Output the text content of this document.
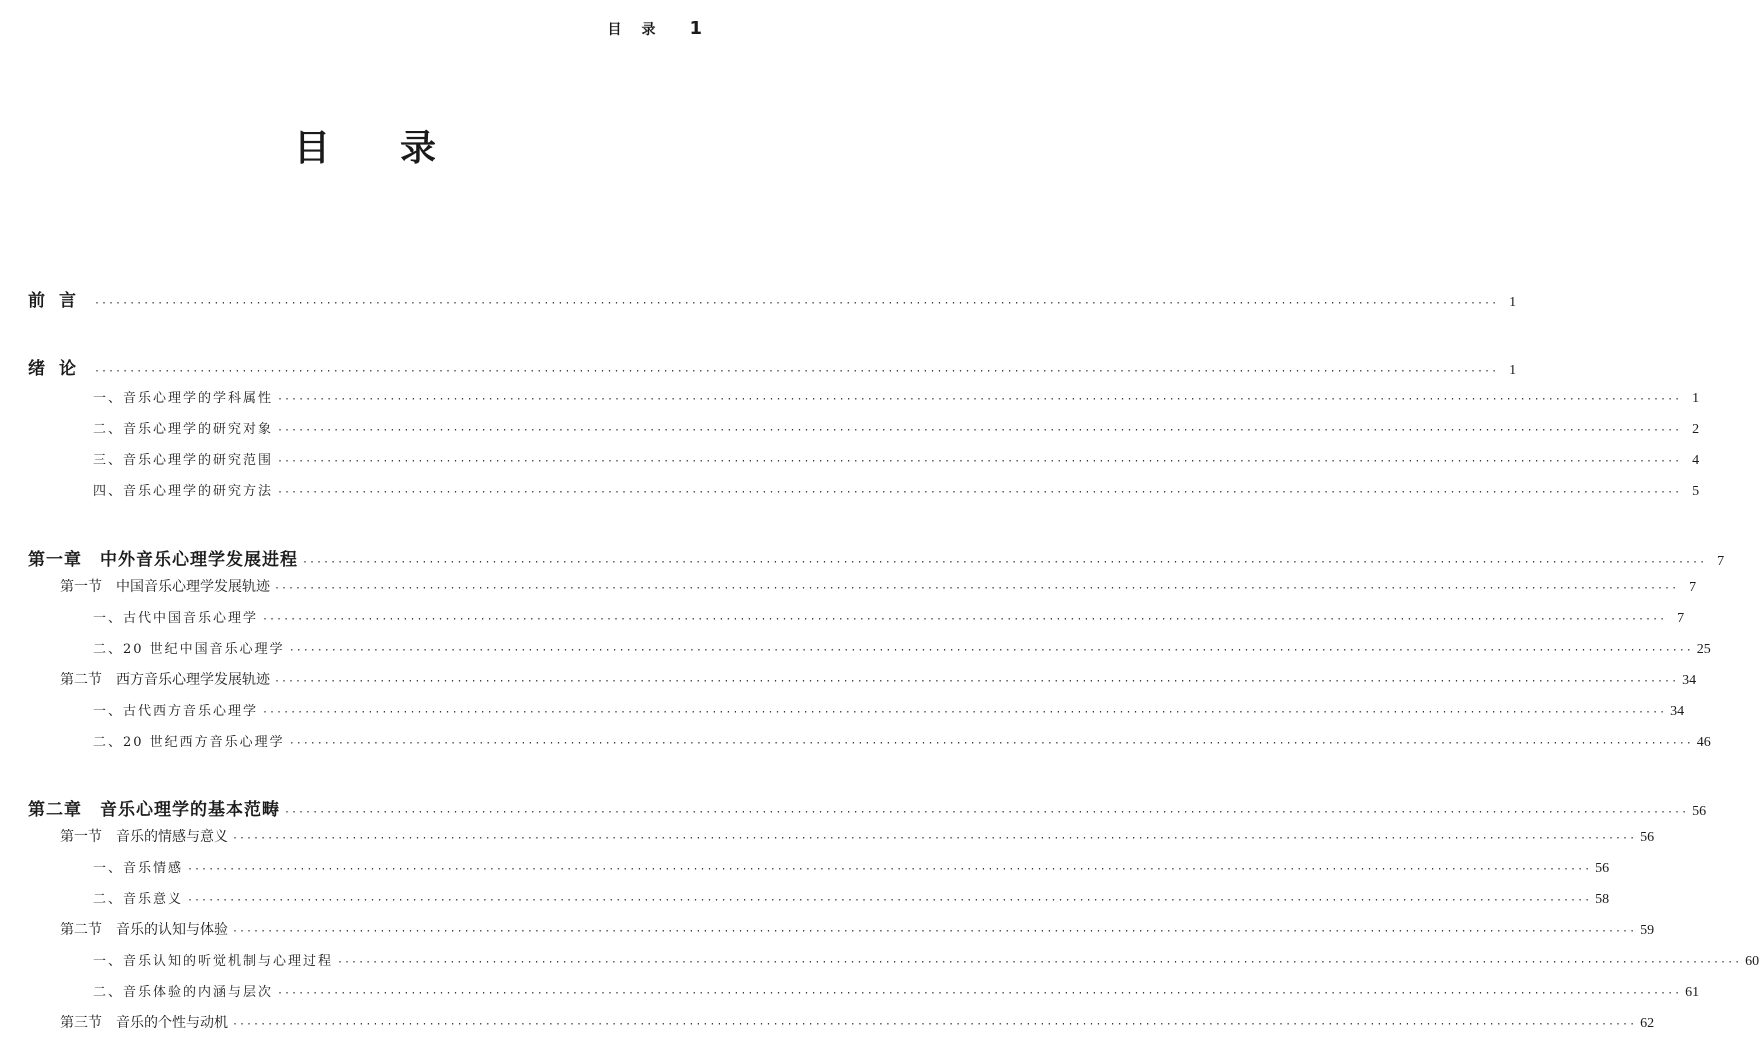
目录 1
目录
前言 ········································································································································································································ 1
绪论 ········································································································································································································ 1
一、音乐心理学的学科属性 ········································································································································································································ 1
二、音乐心理学的研究对象 ········································································································································································································ 2
三、音乐心理学的研究范围 ········································································································································································································ 4
四、音乐心理学的研究方法 ········································································································································································································ 5
第一章　中外音乐心理学发展进程 ········································································································································································································ 7
第一节　中国音乐心理学发展轨迹 ········································································································································································································ 7
一、古代中国音乐心理学 ········································································································································································································ 7
二、20 世纪中国音乐心理学 ········································································································································································································ 25
第二节　西方音乐心理学发展轨迹 ········································································································································································································ 34
一、古代西方音乐心理学 ········································································································································································································ 34
二、20 世纪西方音乐心理学 ········································································································································································································ 46
第二章　音乐心理学的基本范畴 ········································································································································································································ 56
第一节　音乐的情感与意义 ········································································································································································································ 56
一、音乐情感 ········································································································································································································ 56
二、音乐意义 ········································································································································································································ 58
第二节　音乐的认知与体验 ········································································································································································································ 59
一、音乐认知的听觉机制与心理过程 ········································································································································································································ 60
二、音乐体验的内涵与层次 ········································································································································································································ 61
第三节　音乐的个性与动机 ········································································································································································································ 62
